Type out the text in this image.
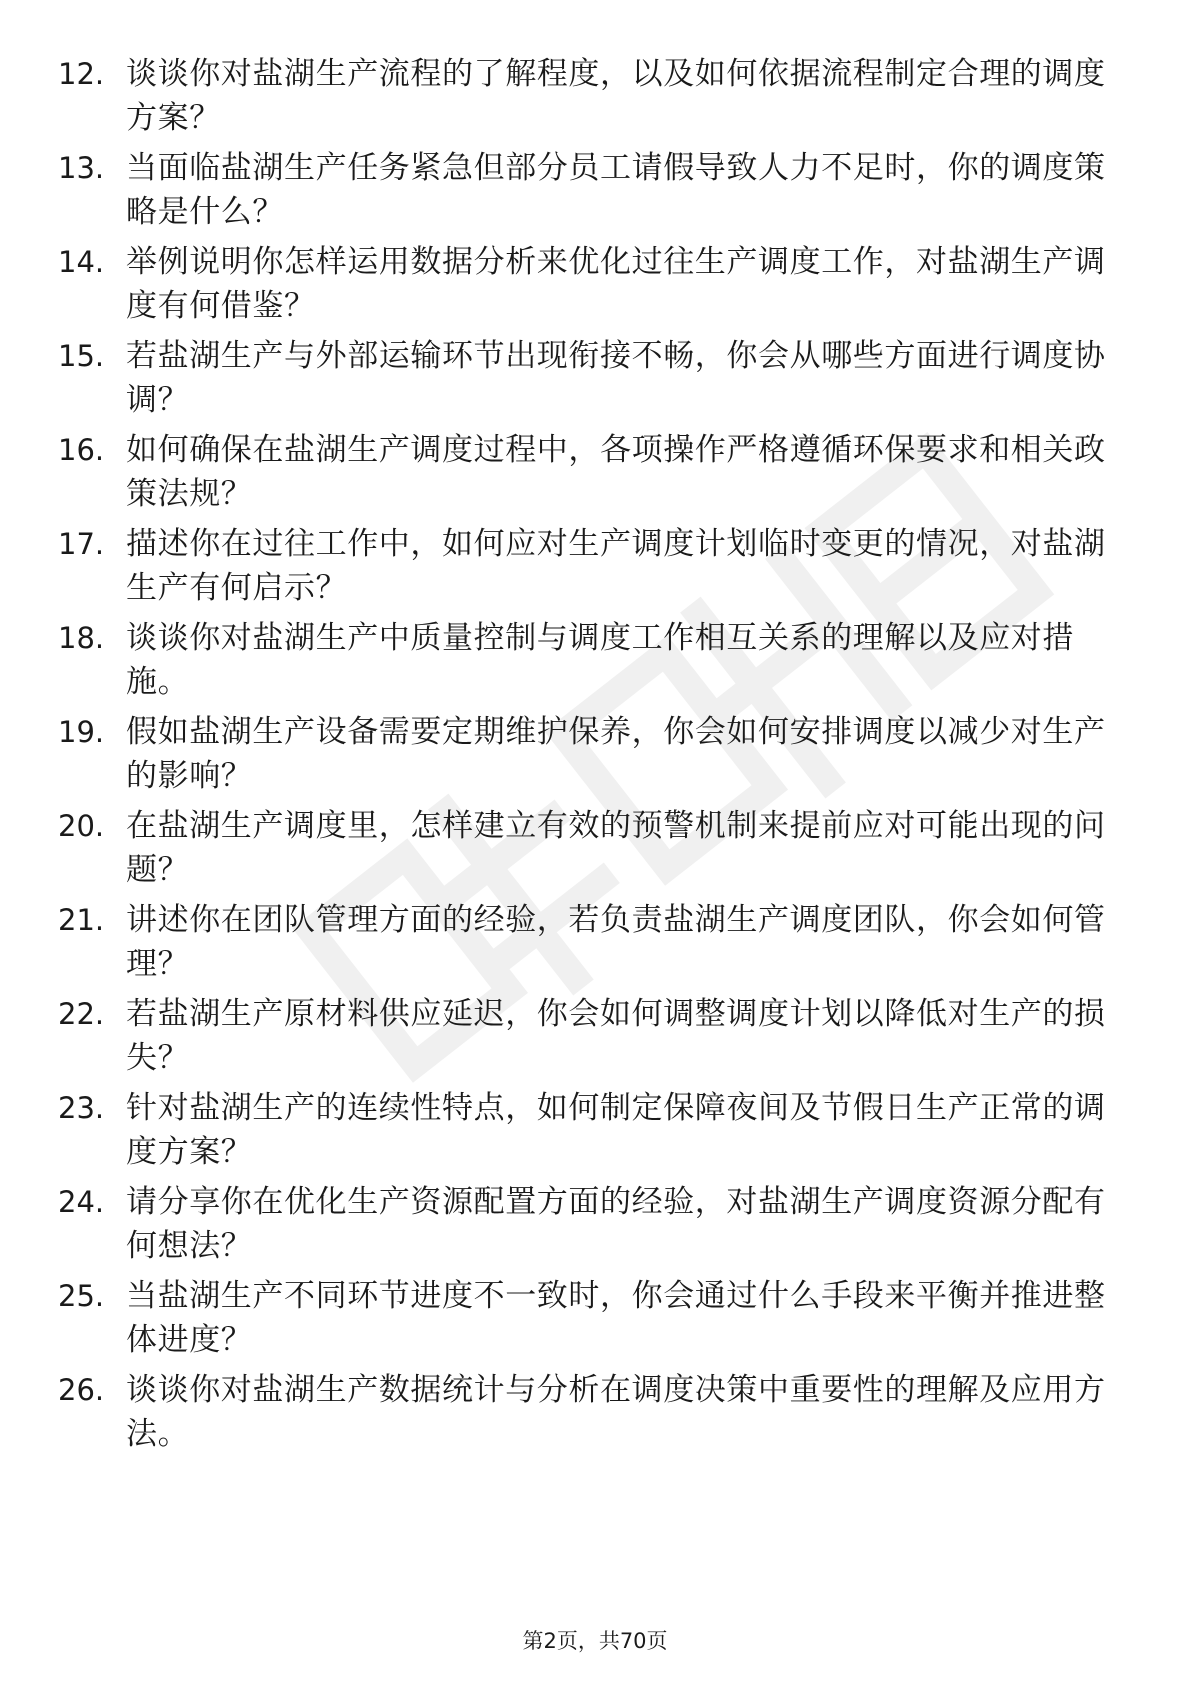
12. 谈谈你对盐湖生产流程的了解程度，以及如何依据流程制定合理的调度方案？
13. 当面临盐湖生产任务紧急但部分员工请假导致人力不足时，你的调度策略是什么？
14. 举例说明你怎样运用数据分析来优化过往生产调度工作，对盐湖生产调度有何借鉴？
15. 若盐湖生产与外部运输环节出现衔接不畅，你会从哪些方面进行调度协调？
16. 如何确保在盐湖生产调度过程中，各项操作严格遵循环保要求和相关政策法规？
17. 描述你在过往工作中，如何应对生产调度计划临时变更的情况，对盐湖生产有何启示？
18. 谈谈你对盐湖生产中质量控制与调度工作相互关系的理解以及应对措施。
19. 假如盐湖生产设备需要定期维护保养，你会如何安排调度以减少对生产的影响？
20. 在盐湖生产调度里，怎样建立有效的预警机制来提前应对可能出现的问题？
21. 讲述你在团队管理方面的经验，若负责盐湖生产调度团队，你会如何管理？
22. 若盐湖生产原材料供应延迟，你会如何调整调度计划以降低对生产的损失？
23. 针对盐湖生产的连续性特点，如何制定保障夜间及节假日生产正常的调度方案？
24. 请分享你在优化生产资源配置方面的经验，对盐湖生产调度资源分配有何想法？
25. 当盐湖生产不同环节进度不一致时，你会通过什么手段来平衡并推进整体进度？
26. 谈谈你对盐湖生产数据统计与分析在调度决策中重要性的理解及应用方法。
第2页，共70页
